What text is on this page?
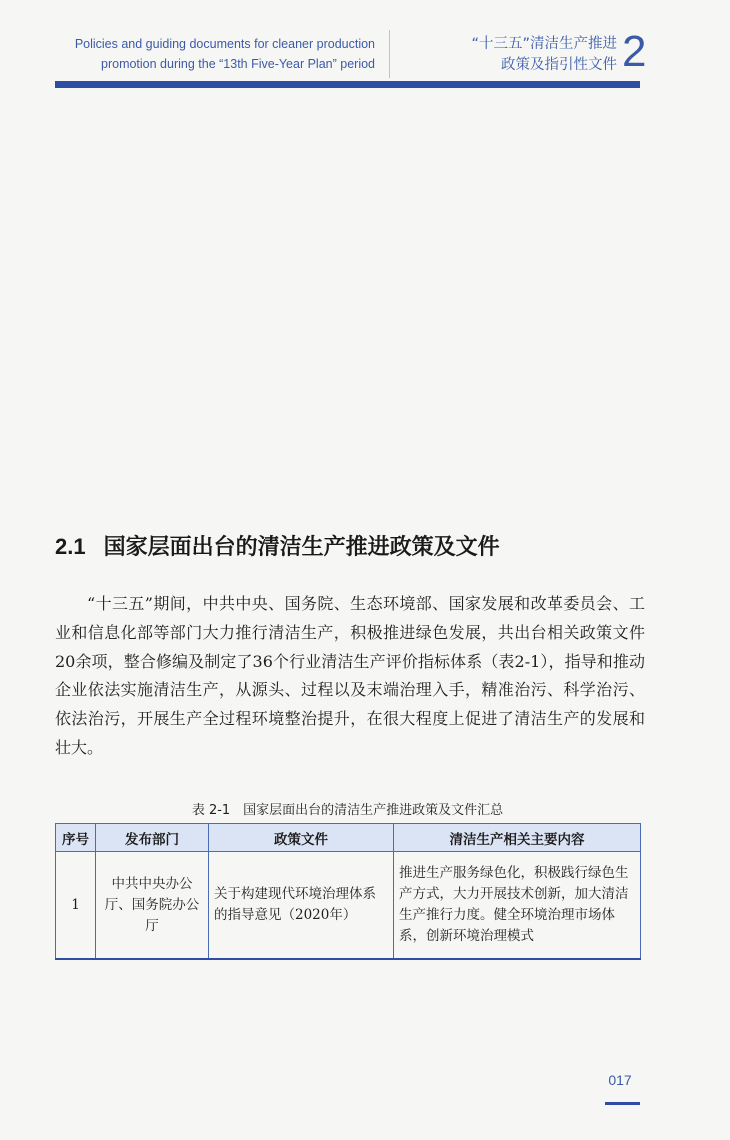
Policies and guiding documents for cleaner production
promotion during the “13th Five-Year Plan” period
“十三五”清洁生产推进
政策及指引性文件 2
2.1 国家层面出台的清洁生产推进政策及文件
“十三五”期间，中共中央、国务院、生态环境部、国家发展和改革委员会、工业和信息化部等部门大力推行清洁生产，积极推进绿色发展，共出台相关政策文件20余项，整合修编及制定了36个行业清洁生产评价指标体系（表2-1），指导和推动企业依法实施清洁生产，从源头、过程以及末端治理入手，精准治污、科学治污、依法治污，开展生产全过程环境整治提升，在很大程度上促进了清洁生产的发展和壮大。
表 2-1　国家层面出台的清洁生产推进政策及文件汇总
序号	发布部门	政策文件	清洁生产相关主要内容
1	中共中央办公厅、国务院办公厅	关于构建现代环境治理体系的指导意见（2020年）	推进生产服务绿色化，积极践行绿色生产方式，大力开展技术创新，加大清洁生产推行力度。健全环境治理市场体系，创新环境治理模式
017
